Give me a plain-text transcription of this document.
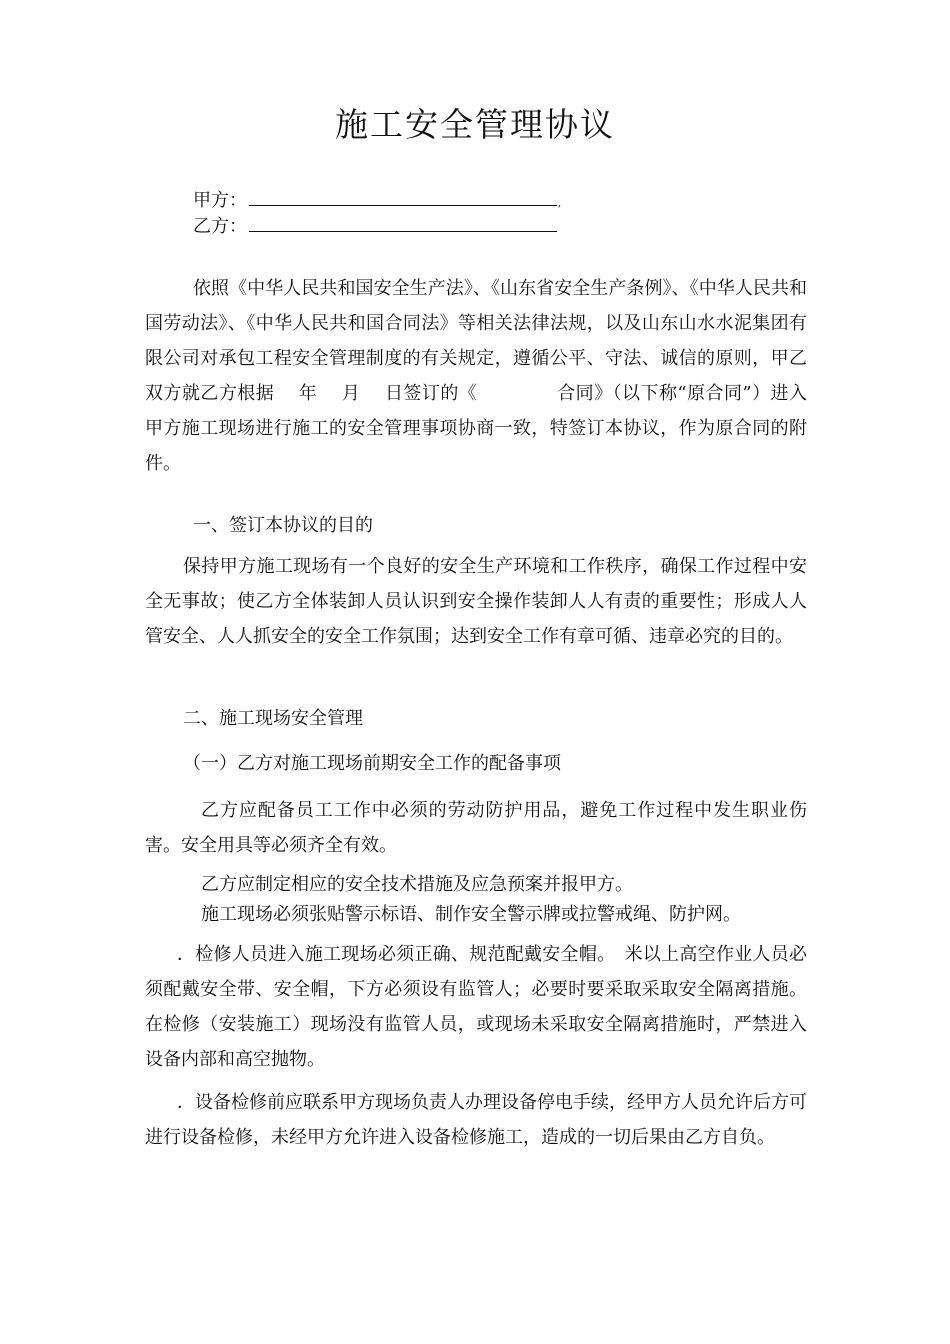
施工安全管理协议
甲方：	,
乙方：

依照《中华人民共和国安全生产法》、《山东省安全生产条例》、《中华人民共和国劳动法》、《中华人民共和国合同法》等相关法律法规，以及山东山水水泥集团有限公司对承包工程安全管理制度的有关规定，遵循公平、守法、诚信的原则，甲乙双方就乙方根据　 年　 月　 日签订的《　　　　 合同》（以下称“原合同”）进入甲方施工现场进行施工的安全管理事项协商一致，特签订本协议，作为原合同的附件。

一、签订本协议的目的

保持甲方施工现场有一个良好的安全生产环境和工作秩序，确保工作过程中安全无事故；使乙方全体装卸人员认识到安全操作装卸人人有责的重要性；形成人人管安全、人人抓安全的安全工作氛围；达到安全工作有章可循、违章必究的目的。

二、施工现场安全管理
（一）乙方对施工现场前期安全工作的配备事项

乙方应配备员工工作中必须的劳动防护用品，避免工作过程中发生职业伤害。安全用具等必须齐全有效。

乙方应制定相应的安全技术措施及应急预案并报甲方。
施工现场必须张贴警示标语、制作安全警示牌或拉警戒绳、防护网。

．检修人员进入施工现场必须正确、规范配戴安全帽。　米以上高空作业人员必须配戴安全带、安全帽，下方必须设有监管人；必要时要采取采取安全隔离措施。在检修（安装施工）现场没有监管人员，或现场未采取安全隔离措施时，严禁进入设备内部和高空抛物。

．设备检修前应联系甲方现场负责人办理设备停电手续，经甲方人员允许后方可进行设备检修，未经甲方允许进入设备检修施工，造成的一切后果由乙方自负。
